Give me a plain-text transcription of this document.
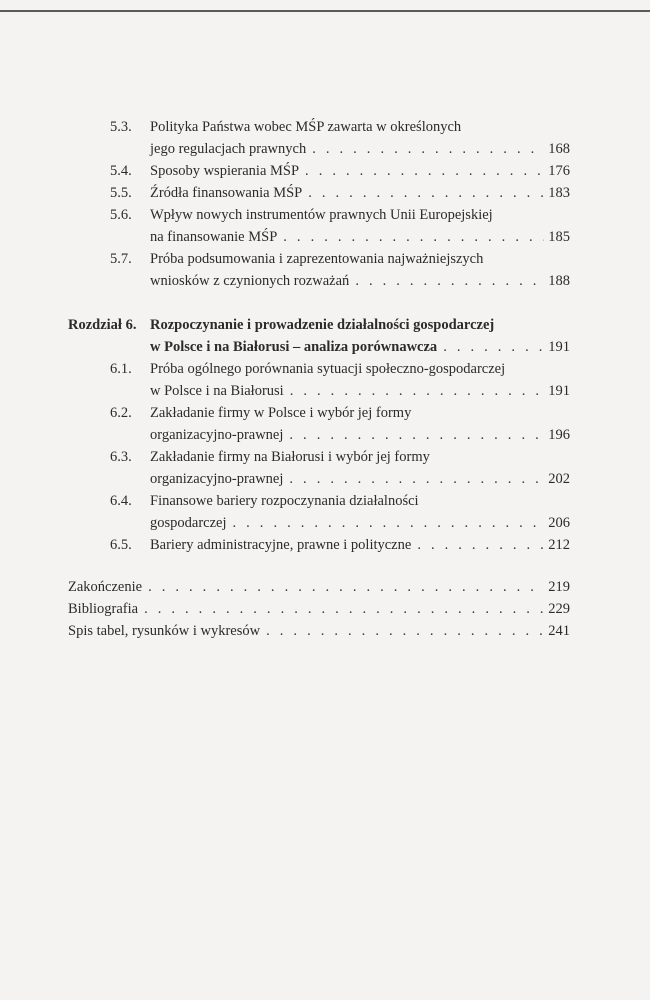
5.3. Polityka Państwa wobec MŚP zawarta w określonych
jego regulacjach prawnych . . .	168
5.4. Sposoby wspierania MŚP . . .	176
5.5. Źródła finansowania MŚP . . .	183
5.6. Wpływ nowych instrumentów prawnych Unii Europejskiej
na finansowanie MŚP . . .	185
5.7. Próba podsumowania i zaprezentowania najważniejszych
wniosków z czynionych rozważań . . .	188
Rozdział 6. Rozpoczynanie i prowadzenie działalności gospodarczej
w Polsce i na Białorusi – analiza porównawcza . . .	191
6.1. Próba ogólnego porównania sytuacji społeczno-gospodarczej
w Polsce i na Białorusi . . .	191
6.2. Zakładanie firmy w Polsce i wybór jej formy
organizacyjno-prawnej . . .	196
6.3. Zakładanie firmy na Białorusi i wybór jej formy
organizacyjno-prawnej . . .	202
6.4. Finansowe bariery rozpoczynania działalności
gospodarczej . . .	206
6.5. Bariery administracyjne, prawne i polityczne . . .	212
Zakończenie . . .	219
Bibliografia . . .	229
Spis tabel, rysunków i wykresów . . .	241
